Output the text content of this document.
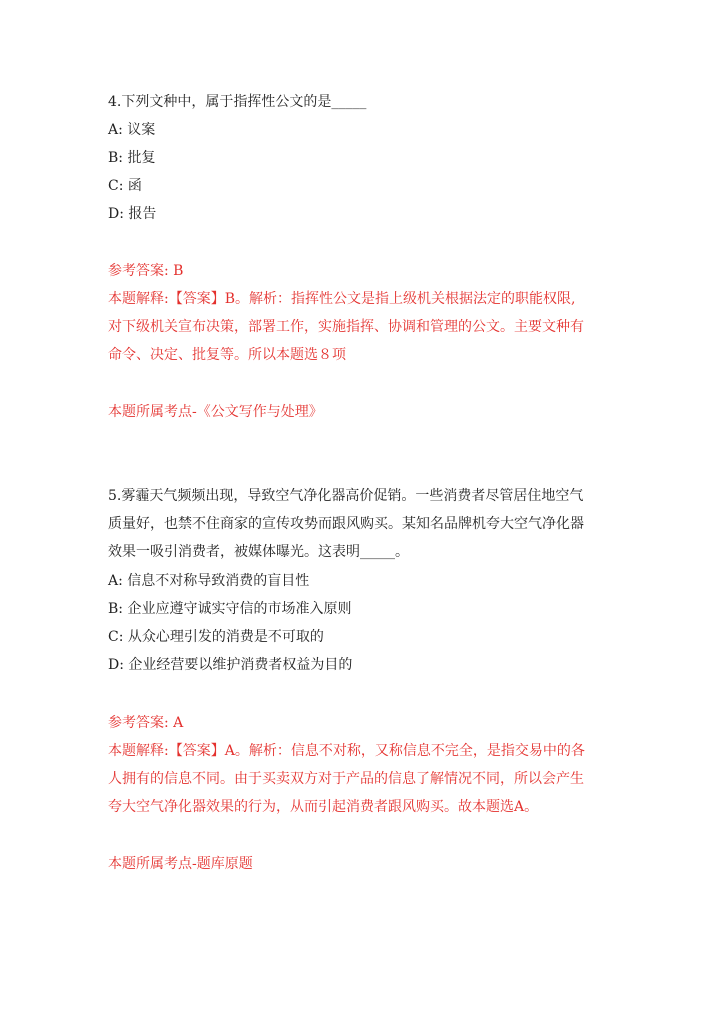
4.下列文种中，属于指挥性公文的是_____
A: 议案
B: 批复
C: 函
D: 报告
参考答案: B
本题解释:【答案】B。解析：指挥性公文是指上级机关根据法定的职能权限,
对下级机关宣布决策，部署工作，实施指挥、协调和管理的公文。主要文种有
命令、决定、批复等。所以本题选８项
本题所属考点-《公文写作与处理》
5.雾霾天气频频出现，导致空气净化器高价促销。一些消费者尽管居住地空气
质量好，也禁不住商家的宣传攻势而跟风购买。某知名品牌机夸大空气净化器
效果一吸引消费者，被媒体曝光。这表明_____。
A: 信息不对称导致消费的盲目性
B: 企业应遵守诚实守信的市场准入原则
C: 从众心理引发的消费是不可取的
D: 企业经营要以维护消费者权益为目的
参考答案: A
本题解释:【答案】A。解析：信息不对称，又称信息不完全，是指交易中的各
人拥有的信息不同。由于买卖双方对于产品的信息了解情况不同，所以会产生
夸大空气净化器效果的行为，从而引起消费者跟风购买。故本题选A。
本题所属考点-题库原题
